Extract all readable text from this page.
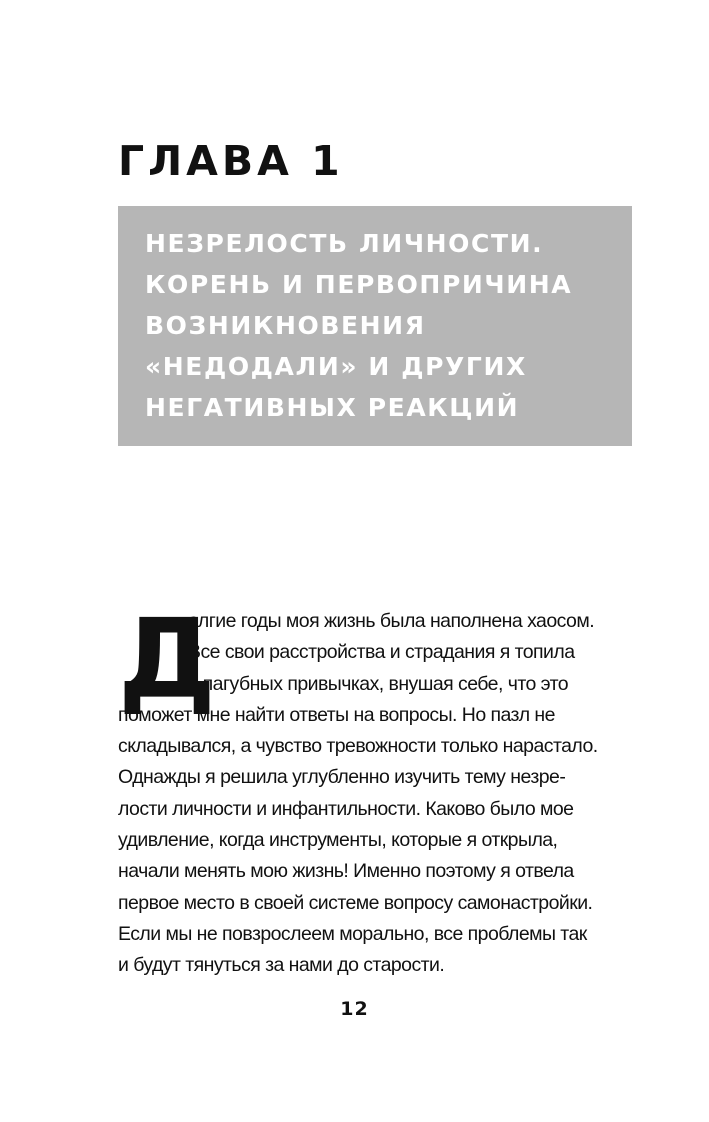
ГЛАВА 1
НЕЗРЕЛОСТЬ ЛИЧНОСТИ.
КОРЕНЬ И ПЕРВОПРИЧИНА
ВОЗНИКНОВЕНИЯ
«НЕДОДАЛИ» И ДРУГИХ
НЕГАТИВНЫХ РЕАКЦИЙ
Д
олгие годы моя жизнь была наполнена хаосом.
Все свои расстройства и страдания я топила
в пагубных привычках, внушая себе, что это
поможет мне найти ответы на вопросы. Но пазл не
складывался, а чувство тревожности только нарастало.
Однажды я решила углубленно изучить тему незре-
лости личности и инфантильности. Каково было мое
удивление, когда инструменты, которые я открыла,
начали менять мою жизнь! Именно поэтому я отвела
первое место в своей системе вопросу самонастройки.
Если мы не повзрослеем морально, все проблемы так
и будут тянуться за нами до старости.
12
